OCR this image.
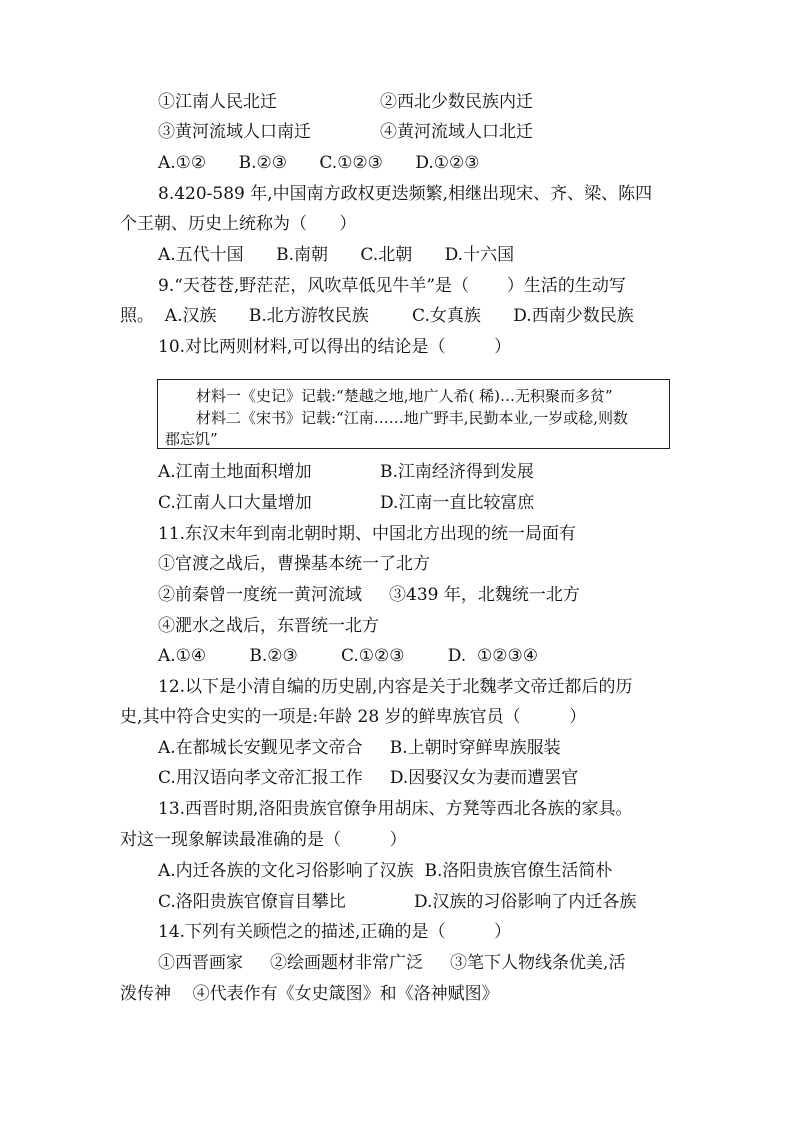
①江南人民北迁	②西北少数民族内迁
③黄河流域人口南迁	④黄河流域人口北迁
A.①②      B.②③      C.①②③      D.①②③
8.420-589 年,中国南方政权更迭频繁,相继出现宋、齐、梁、陈四
个王朝、历史上统称为（      ）
A.五代十国      B.南朝      C.北朝      D.十六国
9.“天苍苍,野茫茫，风吹草低见牛羊”是（       ）生活的生动写
照。  A.汉族      B.北方游牧民族        C.女真族      D.西南少数民族
10.对比两则材料,可以得出的结论是（         ）
材料一《史记》记载:“楚越之地,地广人希( 稀)…无积聚而多贫”
材料二《宋书》记载:“江南……地广野丰,民勤本业,一岁或稔,则数
郡忘饥”
A.江南土地面积增加	B.江南经济得到发展
C.江南人口大量增加	D.江南一直比较富庶
11.东汉末年到南北朝时期、中国北方出现的统一局面有
①官渡之战后，曹操基本统一了北方
②前秦曾一度统一黄河流域     ③439 年，北魏统一北方
④淝水之战后，东晋统一北方
A.①④        B.②③        C.①②③        D.  ①②③④
12.以下是小清自编的历史剧,内容是关于北魏孝文帝迁都后的历
史,其中符合史实的一项是:年龄 28 岁的鲜卑族官员（         ）
A.在都城长安觐见孝文帝合     B.上朝时穿鲜卑族服装
C.用汉语向孝文帝汇报工作     D.因娶汉女为妻而遭罢官
13.西晋时期,洛阳贵族官僚争用胡床、方凳等西北各族的家具。
对这一现象解读最准确的是（         ）
A.内迁各族的文化习俗影响了汉族  B.洛阳贵族官僚生活简朴
C.洛阳贵族官僚盲目攀比	D.汉族的习俗影响了内迁各族
14.下列有关顾恺之的描述,正确的是（         ）
①西晋画家     ②绘画题材非常广泛     ③笔下人物线条优美,活
泼传神    ④代表作有《女史箴图》和《洛神赋图》
